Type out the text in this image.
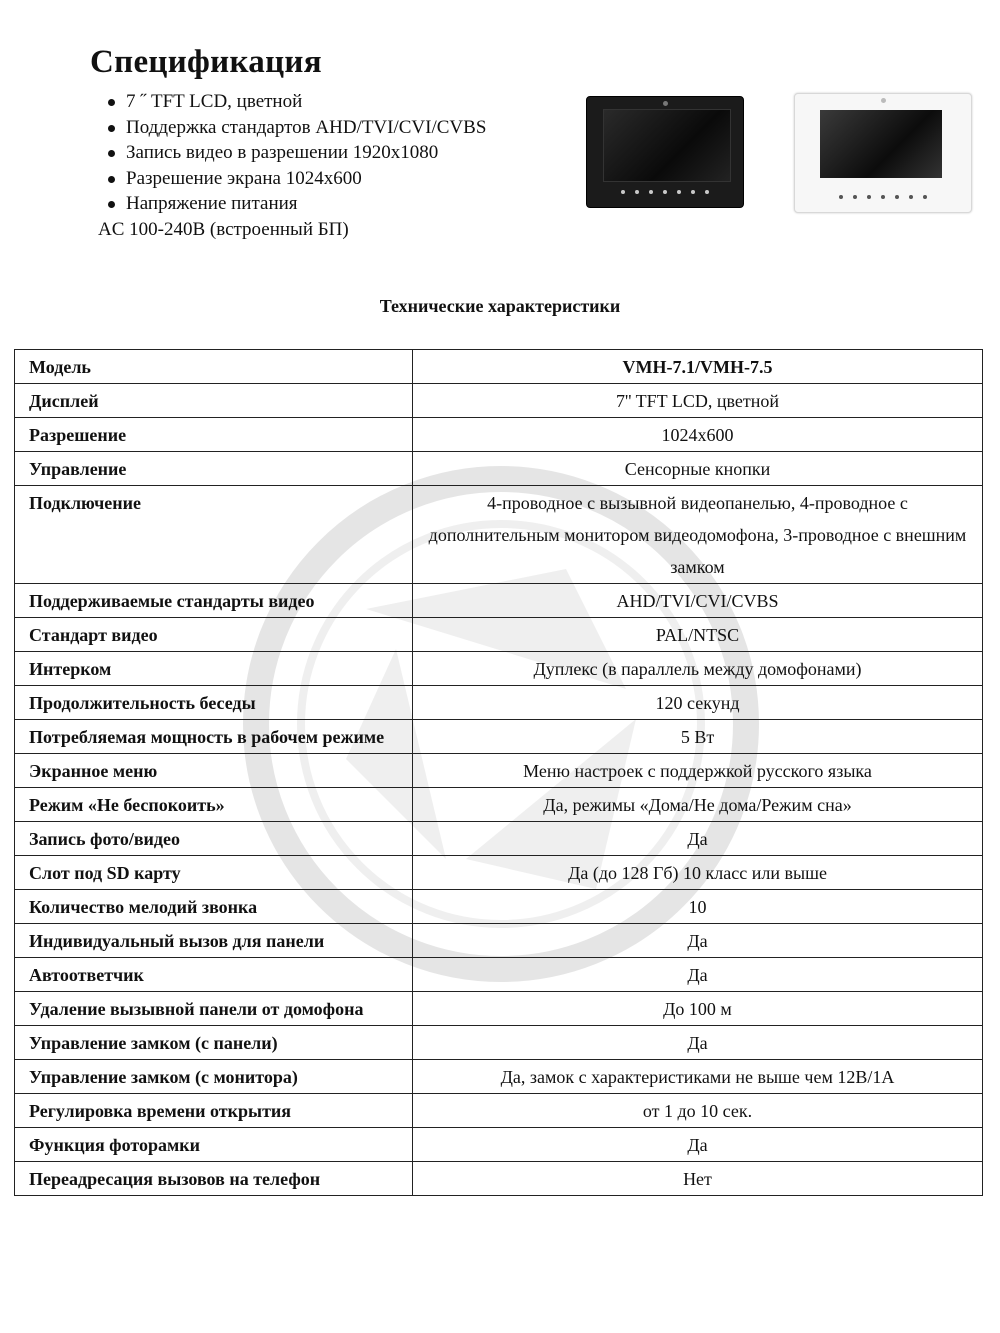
Спецификация
7 ˝ TFT LCD, цветной
Поддержка стандартов AHD/TVI/CVI/CVBS
Запись видео в разрешении 1920x1080
Разрешение экрана 1024x600
Напряжение питания
AC 100-240В (встроенный БП)
Технические характеристики
Модель	VMH-7.1/VMH-7.5
Дисплей	7'' TFT LCD, цветной
Разрешение	1024x600
Управление	Сенсорные кнопки
Подключение	4-проводное с вызывной видеопанелью, 4-проводное с дополнительным монитором видеодомофона, 3-проводное с внешним замком
Поддерживаемые стандарты видео	AHD/TVI/CVI/CVBS
Стандарт видео	PAL/NTSC
Интерком	Дуплекс (в параллель между домофонами)
Продолжительность беседы	120 секунд
Потребляемая мощность в рабочем режиме	5 Вт
Экранное меню	Меню настроек с поддержкой русского языка
Режим «Не беспокоить»	Да, режимы «Дома/Не дома/Режим сна»
Запись фото/видео	Да
Слот под SD карту	Да (до 128 Гб) 10 класс или выше
Количество мелодий звонка	10
Индивидуальный вызов для панели	Да
Автоответчик	Да
Удаление вызывной панели от домофона	До 100 м
Управление замком (с панели)	Да
Управление замком (с монитора)	Да, замок с характеристиками не выше чем 12В/1А
Регулировка времени открытия	от 1 до 10 сек.
Функция фоторамки	Да
Переадресация вызовов на телефон	Нет
